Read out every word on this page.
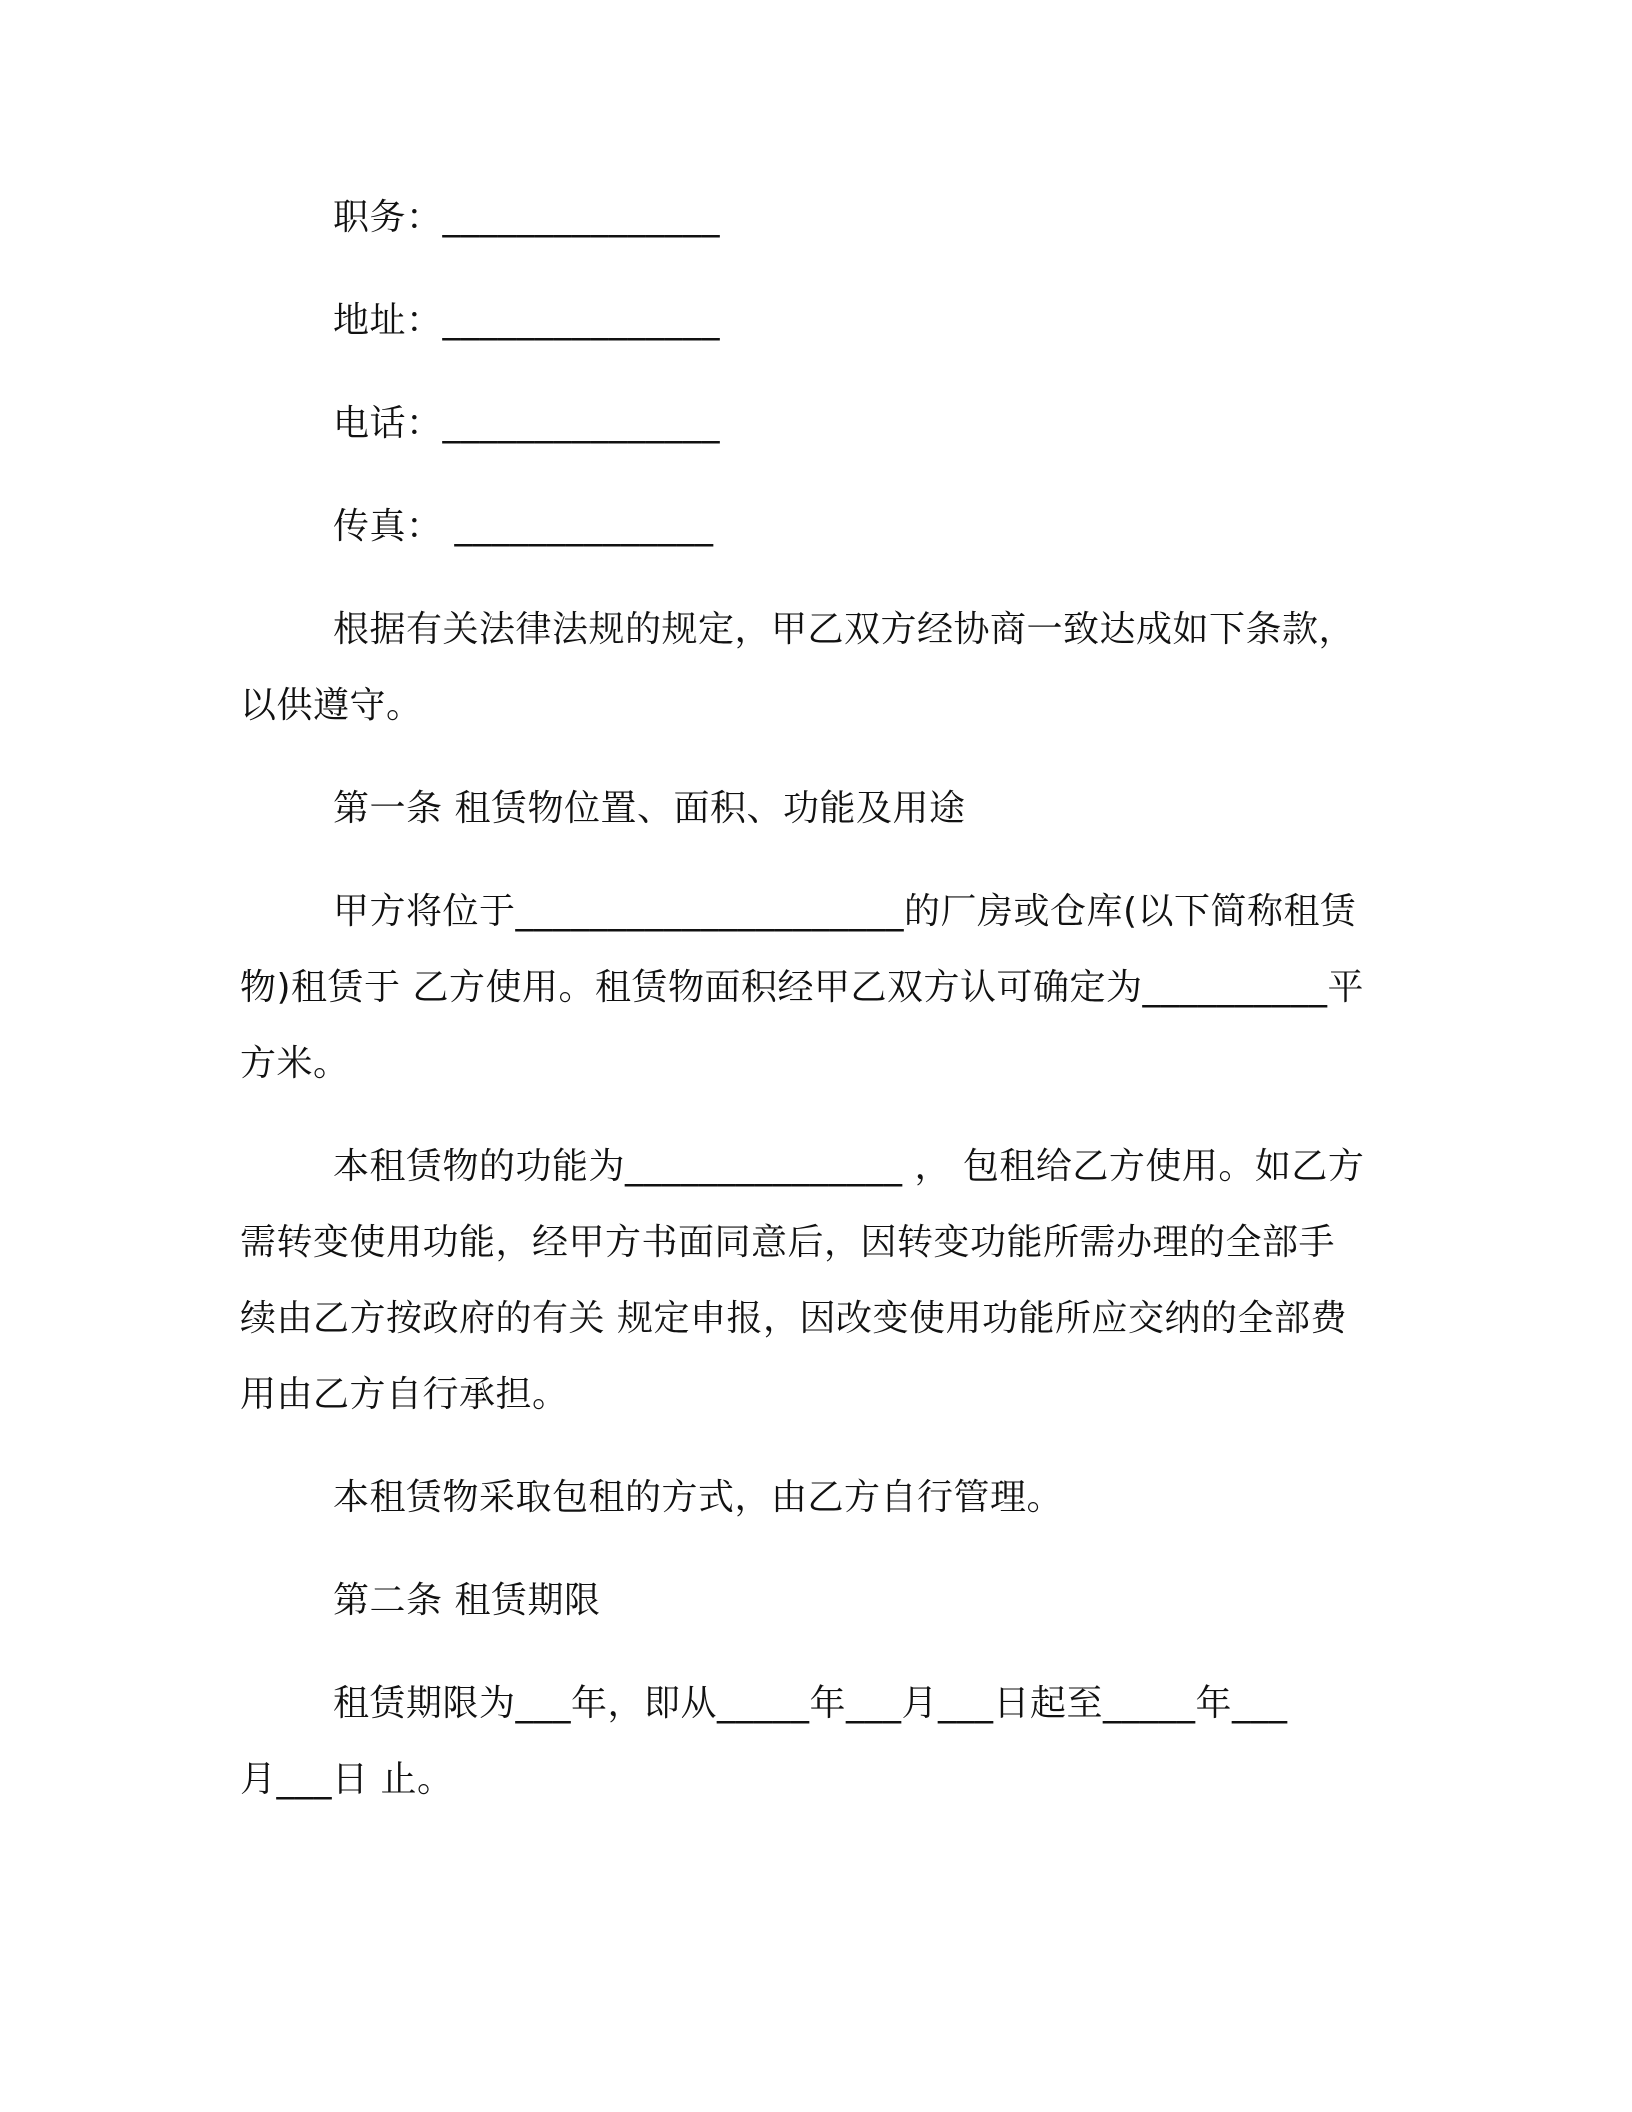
职务：_______________
地址：_______________
电话：_______________
传真： ______________
根据有关法律法规的规定，甲乙双方经协商一致达成如下条款，
以供遵守。
第一条 租赁物位置、面积、功能及用途
甲方将位于_____________________的厂房或仓库(以下简称租赁
物)租赁于 乙方使用。租赁物面积经甲乙双方认可确定为__________平
方米。
本租赁物的功能为_______________ ， 包租给乙方使用。如乙方
需转变使用功能，经甲方书面同意后，因转变功能所需办理的全部手
续由乙方按政府的有关 规定申报，因改变使用功能所应交纳的全部费
用由乙方自行承担。
本租赁物采取包租的方式，由乙方自行管理。
第二条 租赁期限
租赁期限为___年，即从_____年___月___日起至_____年___
月___日 止。
